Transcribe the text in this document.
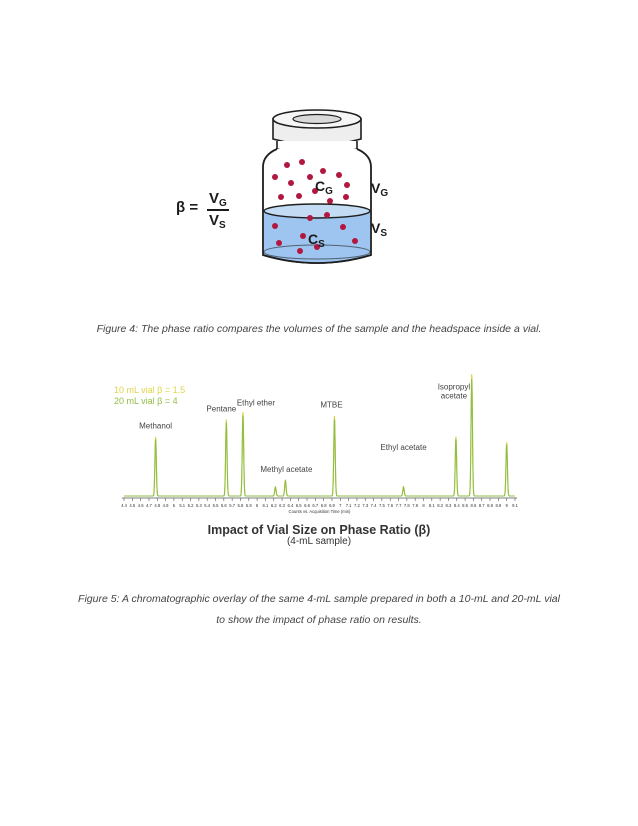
β =
$V_G$
$V_S$
$C_G$
$C_S$
$V_G$
$V_S$
Figure 4: The phase ratio compares the volumes of the sample and the headspace inside a vial.
4.4 4.5 4.6 4.7 4.8 4.9 5 5.1 5.2 5.3 5.4 5.5 5.6 5.7 5.8 5.9 6 6.1 6.2 6.3 6.4 6.5 6.6 6.7 6.8 6.9 7 7.1 7.2 7.3 7.4 7.5 7.6 7.7 7.8 7.9 8 8.1 8.2 8.3 8.4 8.5 8.6 8.7 8.8 8.9 9 9.1
Counts vs. Acquisition Time (min)
Methanol
Pentane
Ethyl ether
Methyl acetate
MTBE
Ethyl acetate
Isopropyl
acetate
10 mL vial β = 1.5
20 mL vial β = 4
Impact of Vial Size on Phase Ratio (β)
(4-mL sample)
Figure 5: A chromatographic overlay of the same 4-mL sample prepared in both a 10-mL and 20-mL vial to show the impact of phase ratio on results.
